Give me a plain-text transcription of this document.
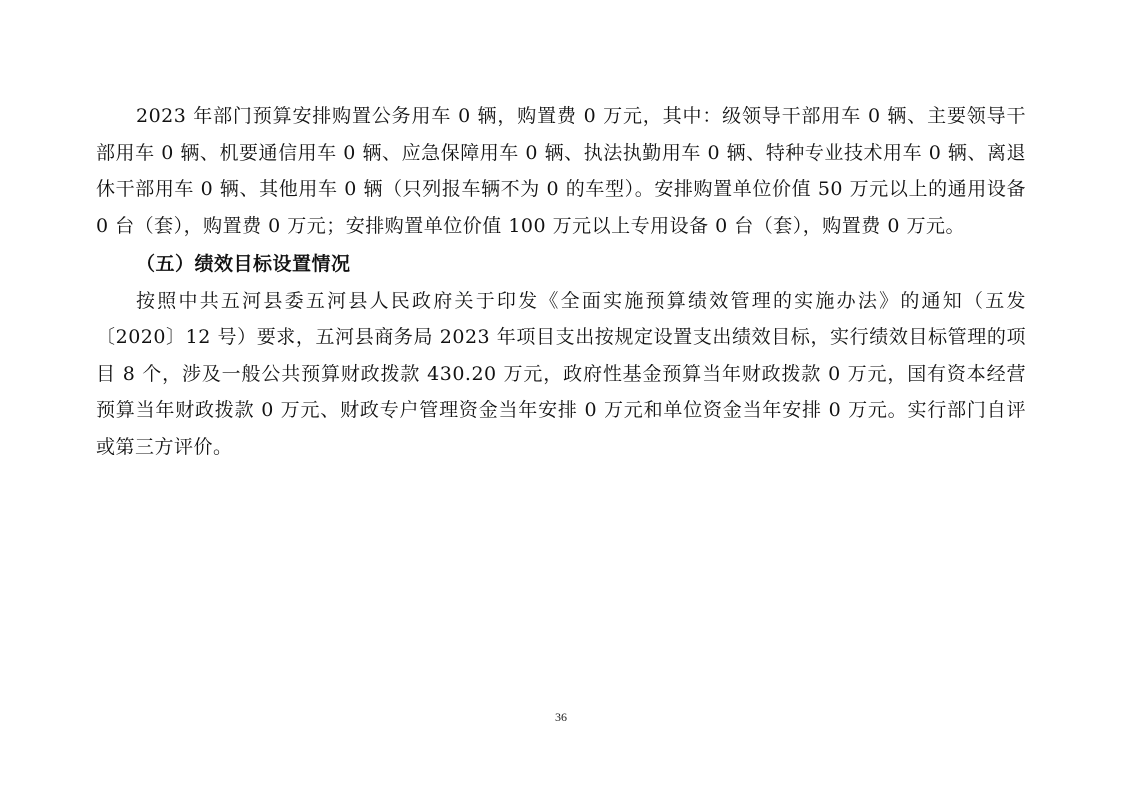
2023 年部门预算安排购置公务用车 0 辆，购置费 0 万元，其中：级领导干部用车 0 辆、主要领导干部用车 0 辆、机要通信用车 0 辆、应急保障用车 0 辆、执法执勤用车 0 辆、特种专业技术用车 0 辆、离退休干部用车 0 辆、其他用车 0 辆（只列报车辆不为 0 的车型）。安排购置单位价值 50 万元以上的通用设备 0 台（套），购置费 0 万元；安排购置单位价值 100 万元以上专用设备 0 台（套），购置费 0 万元。

（五）绩效目标设置情况

按照中共五河县委五河县人民政府关于印发《全面实施预算绩效管理的实施办法》的通知（五发〔2020〕12 号）要求，五河县商务局 2023 年项目支出按规定设置支出绩效目标，实行绩效目标管理的项目 8 个，涉及一般公共预算财政拨款 430.20 万元，政府性基金预算当年财政拨款 0 万元，国有资本经营预算当年财政拨款 0 万元、财政专户管理资金当年安排 0 万元和单位资金当年安排 0 万元。实行部门自评或第三方评价。

36
